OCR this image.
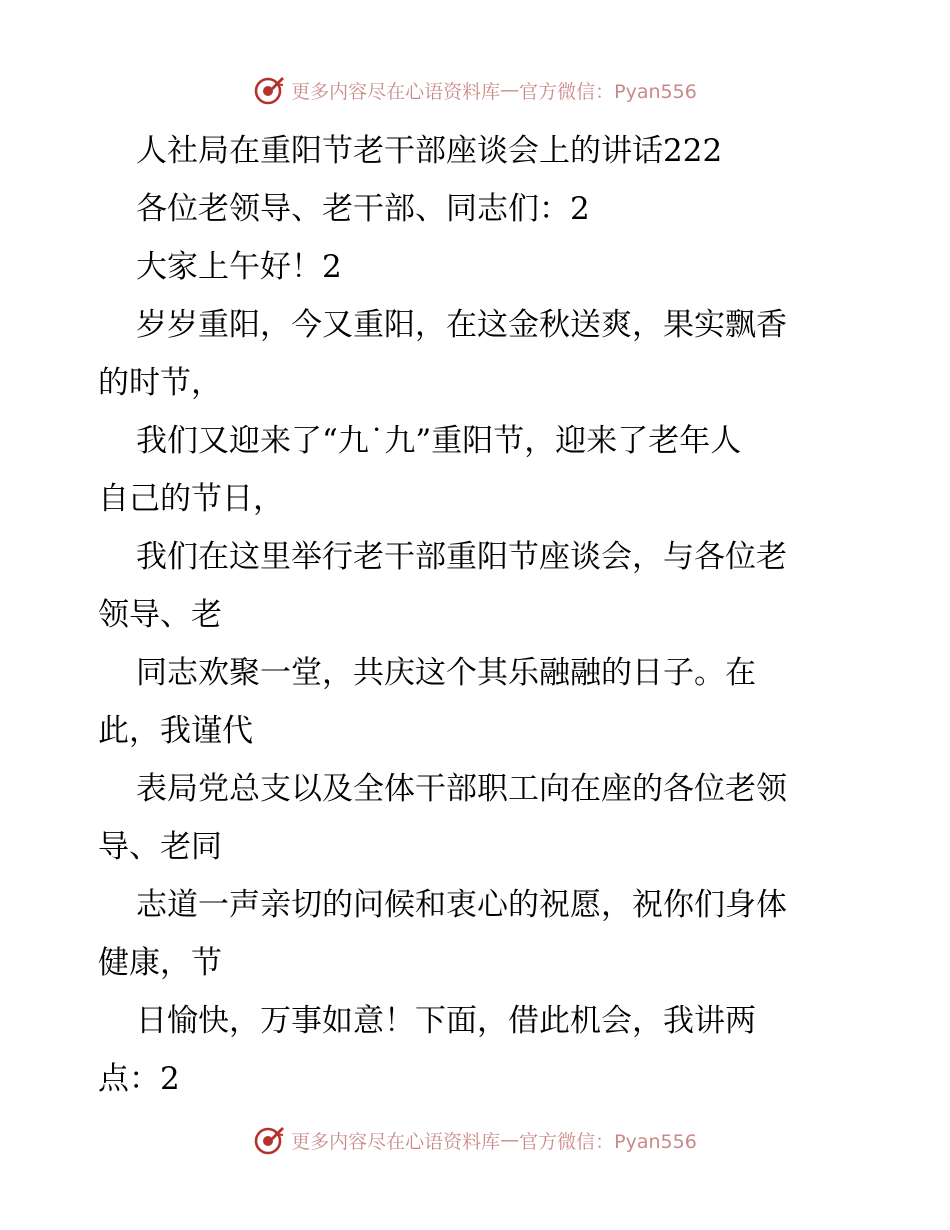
更多内容尽在心语资料库 — 官方微信：Pyan556
人社局在重阳节老干部座谈会上的讲话222
各位老领导、老干部、同志们：2
大家上午好！2
岁岁重阳，今又重阳，在这金秋送爽，果实飘香
的时节，
我们又迎来了“九˙九”重阳节，迎来了老年人
自己的节日，
我们在这里举行老干部重阳节座谈会，与各位老
领导、老
同志欢聚一堂，共庆这个其乐融融的日子。在
此，我谨代
表局党总支以及全体干部职工向在座的各位老领
导、老同
志道一声亲切的问候和衷心的祝愿，祝你们身体
健康，节
日愉快，万事如意！下面，借此机会，我讲两
点：2
更多内容尽在心语资料库 — 官方微信：Pyan556
